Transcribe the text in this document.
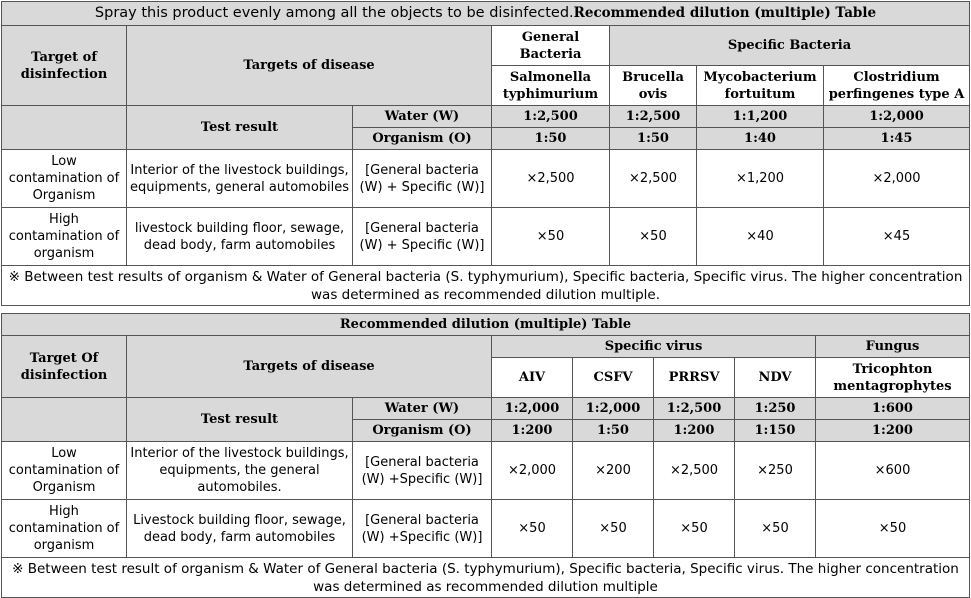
Spray this product evenly among all the objects to be disinfected.Recommended dilution (multiple) Table						
Target of disinfection	Targets of disease		General Bacteria	Specific Bacteria		
			Salmonella typhimurium	Brucella ovis	Mycobacterium fortuitum	Clostridium perfingenes type A
	Test result	Water (W)	1:2,500	1:2,500	1:1,200	1:2,000
		Organism (O)	1:50	1:50	1:40	1:45
Low contamination of Organism	Interior of the livestock buildings, equipments, general automobiles	[General bacteria (W) + Specific (W)]	×2,500	×2,500	×1,200	×2,000
High contamination of organism	livestock building floor, sewage, dead body, farm automobiles	[General bacteria (W) + Specific (W)]	×50	×50	×40	×45
※ Between test results of organism & Water of General bacteria (S. typhymurium), Specific bacteria, Specific virus. The higher concentration was determined as recommended dilution multiple.						
Recommended dilution (multiple) Table							
Target Of disinfection	Targets of disease		Specific virus				Fungus
			AIV	CSFV	PRRSV	NDV	Tricophton mentagrophytes
	Test result	Water (W)	1:2,000	1:2,000	1:2,500	1:250	1:600
		Organism (O)	1:200	1:50	1:200	1:150	1:200
Low contamination of Organism	Interior of the livestock buildings, equipments, the general automobiles.	[General bacteria (W) +Specific (W)]	×2,000	×200	×2,500	×250	×600
High contamination of organism	Livestock building floor, sewage, dead body, farm automobiles	[General bacteria (W) +Specific (W)]	×50	×50	×50	×50	×50
※ Between test result of organism & Water of General bacteria (S. typhymurium), Specific bacteria, Specific virus. The higher concentration was determined as recommended dilution multiple							
